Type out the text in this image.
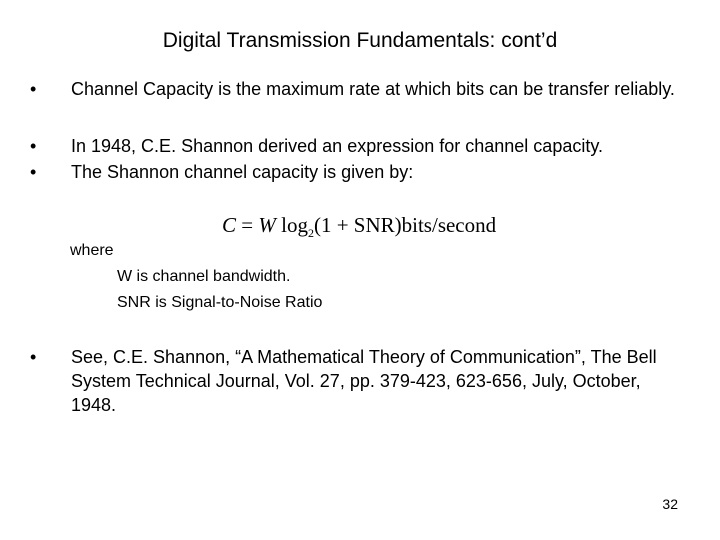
Digital Transmission Fundamentals: cont’d
•	Channel Capacity is the maximum rate at which bits can be transfer reliably.
•	In 1948, C.E. Shannon derived an expression for channel capacity.
•	The Shannon channel capacity is given by:
C = W $\log_2(1$ + SNR)bits/second
where
W is channel bandwidth.
SNR is Signal-to-Noise Ratio
•	See, C.E. Shannon, “A Mathematical Theory of Communication”, The Bell System Technical Journal, Vol. 27, pp. 379-423, 623-656, July, October, 1948.
32
